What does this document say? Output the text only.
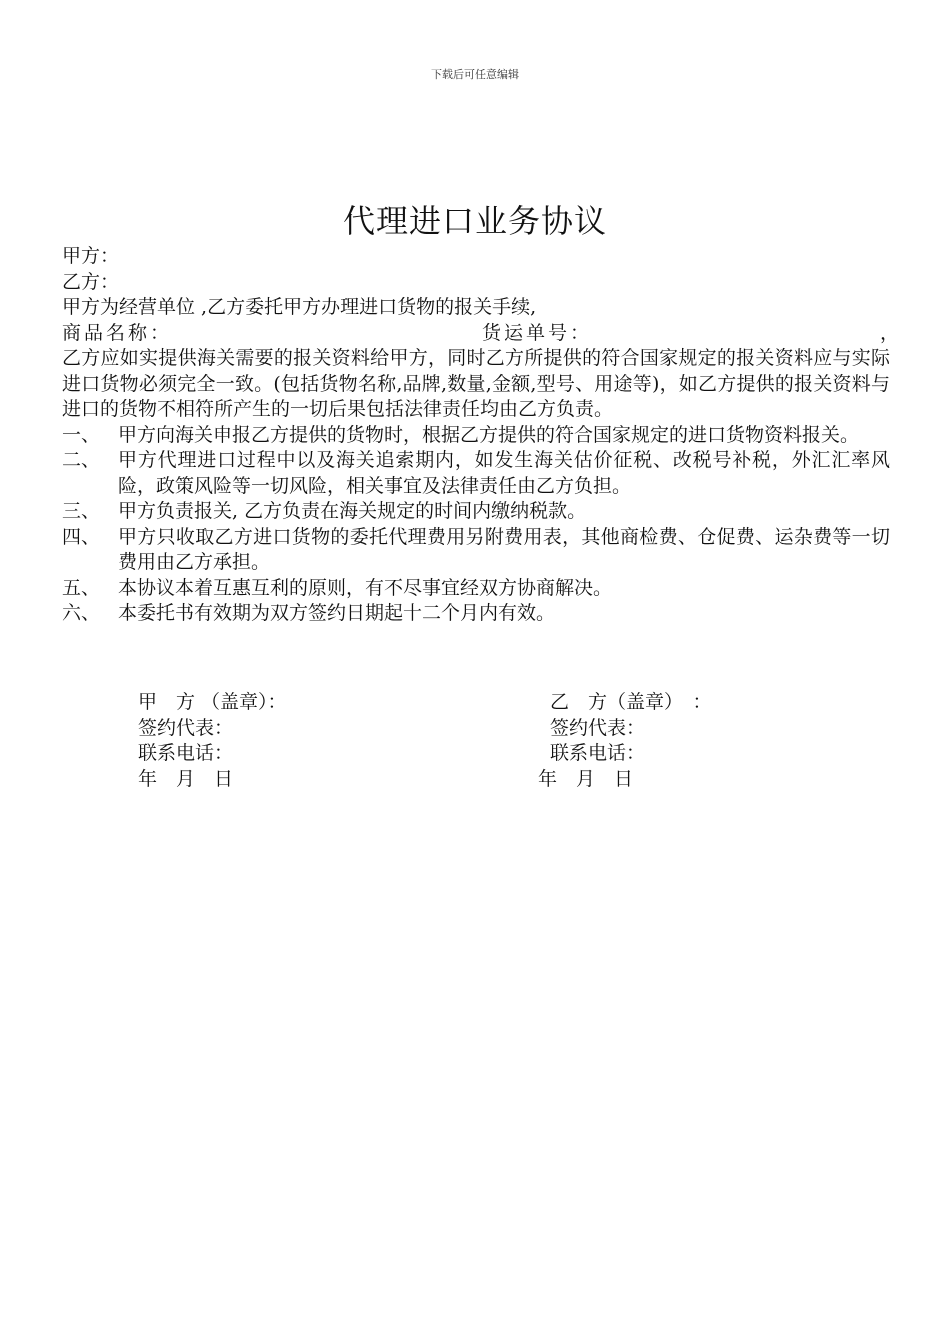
下载后可任意编辑
代理进口业务协议
甲方：
乙方：
甲方为经营单位 ,乙方委托甲方办理进口货物的报关手续,
商品名称：	货运单号：	，
乙方应如实提供海关需要的报关资料给甲方，同时乙方所提供的符合国家规定的报关资料应与实际进口货物必须完全一致。(包括货物名称,品牌,数量,金额,型号、用途等)，如乙方提供的报关资料与进口的货物不相符所产生的一切后果包括法律责任均由乙方负责。
一、 甲方向海关申报乙方提供的货物时，根据乙方提供的符合国家规定的进口货物资料报关。
二、 甲方代理进口过程中以及海关追索期内，如发生海关估价征税、改税号补税，外汇汇率风险，政策风险等一切风险，相关事宜及法律责任由乙方负担。
三、 甲方负责报关, 乙方负责在海关规定的时间内缴纳税款。
四、 甲方只收取乙方进口货物的委托代理费用另附费用表，其他商检费、仓促费、运杂费等一切费用由乙方承担。
五、 本协议本着互惠互利的原则，有不尽事宜经双方协商解决。
六、 本委托书有效期为双方签约日期起十二个月内有效。
甲　方 （盖章）：	乙　方（盖章）　：
签约代表：	签约代表：
联系电话：	联系电话：
年　月　日	年　月　日
